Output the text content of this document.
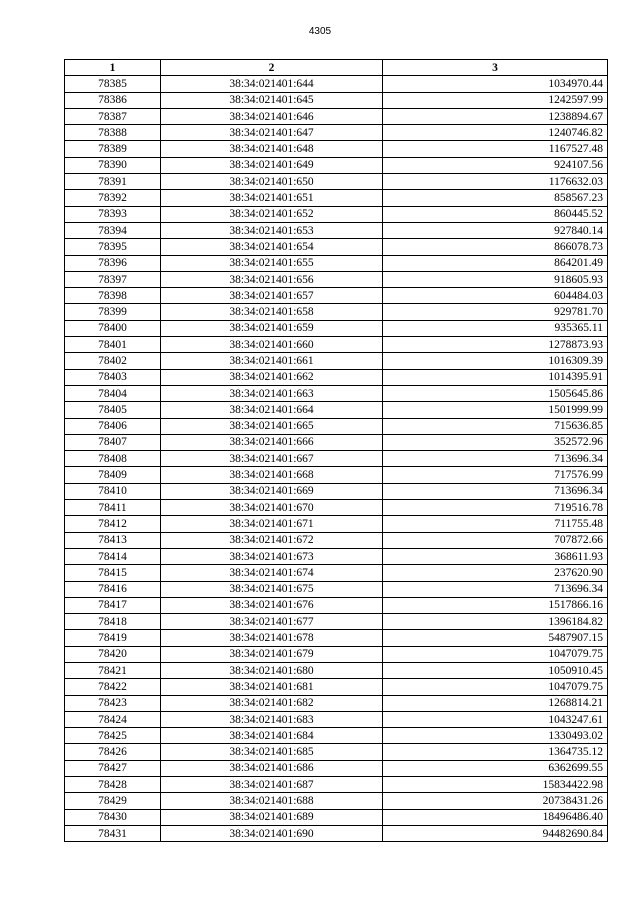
4305
1	2	3
78385	38:34:021401:644	1034970.44
78386	38:34:021401:645	1242597.99
78387	38:34:021401:646	1238894.67
78388	38:34:021401:647	1240746.82
78389	38:34:021401:648	1167527.48
78390	38:34:021401:649	924107.56
78391	38:34:021401:650	1176632.03
78392	38:34:021401:651	858567.23
78393	38:34:021401:652	860445.52
78394	38:34:021401:653	927840.14
78395	38:34:021401:654	866078.73
78396	38:34:021401:655	864201.49
78397	38:34:021401:656	918605.93
78398	38:34:021401:657	604484.03
78399	38:34:021401:658	929781.70
78400	38:34:021401:659	935365.11
78401	38:34:021401:660	1278873.93
78402	38:34:021401:661	1016309.39
78403	38:34:021401:662	1014395.91
78404	38:34:021401:663	1505645.86
78405	38:34:021401:664	1501999.99
78406	38:34:021401:665	715636.85
78407	38:34:021401:666	352572.96
78408	38:34:021401:667	713696.34
78409	38:34:021401:668	717576.99
78410	38:34:021401:669	713696.34
78411	38:34:021401:670	719516.78
78412	38:34:021401:671	711755.48
78413	38:34:021401:672	707872.66
78414	38:34:021401:673	368611.93
78415	38:34:021401:674	237620.90
78416	38:34:021401:675	713696.34
78417	38:34:021401:676	1517866.16
78418	38:34:021401:677	1396184.82
78419	38:34:021401:678	5487907.15
78420	38:34:021401:679	1047079.75
78421	38:34:021401:680	1050910.45
78422	38:34:021401:681	1047079.75
78423	38:34:021401:682	1268814.21
78424	38:34:021401:683	1043247.61
78425	38:34:021401:684	1330493.02
78426	38:34:021401:685	1364735.12
78427	38:34:021401:686	6362699.55
78428	38:34:021401:687	15834422.98
78429	38:34:021401:688	20738431.26
78430	38:34:021401:689	18496486.40
78431	38:34:021401:690	94482690.84
